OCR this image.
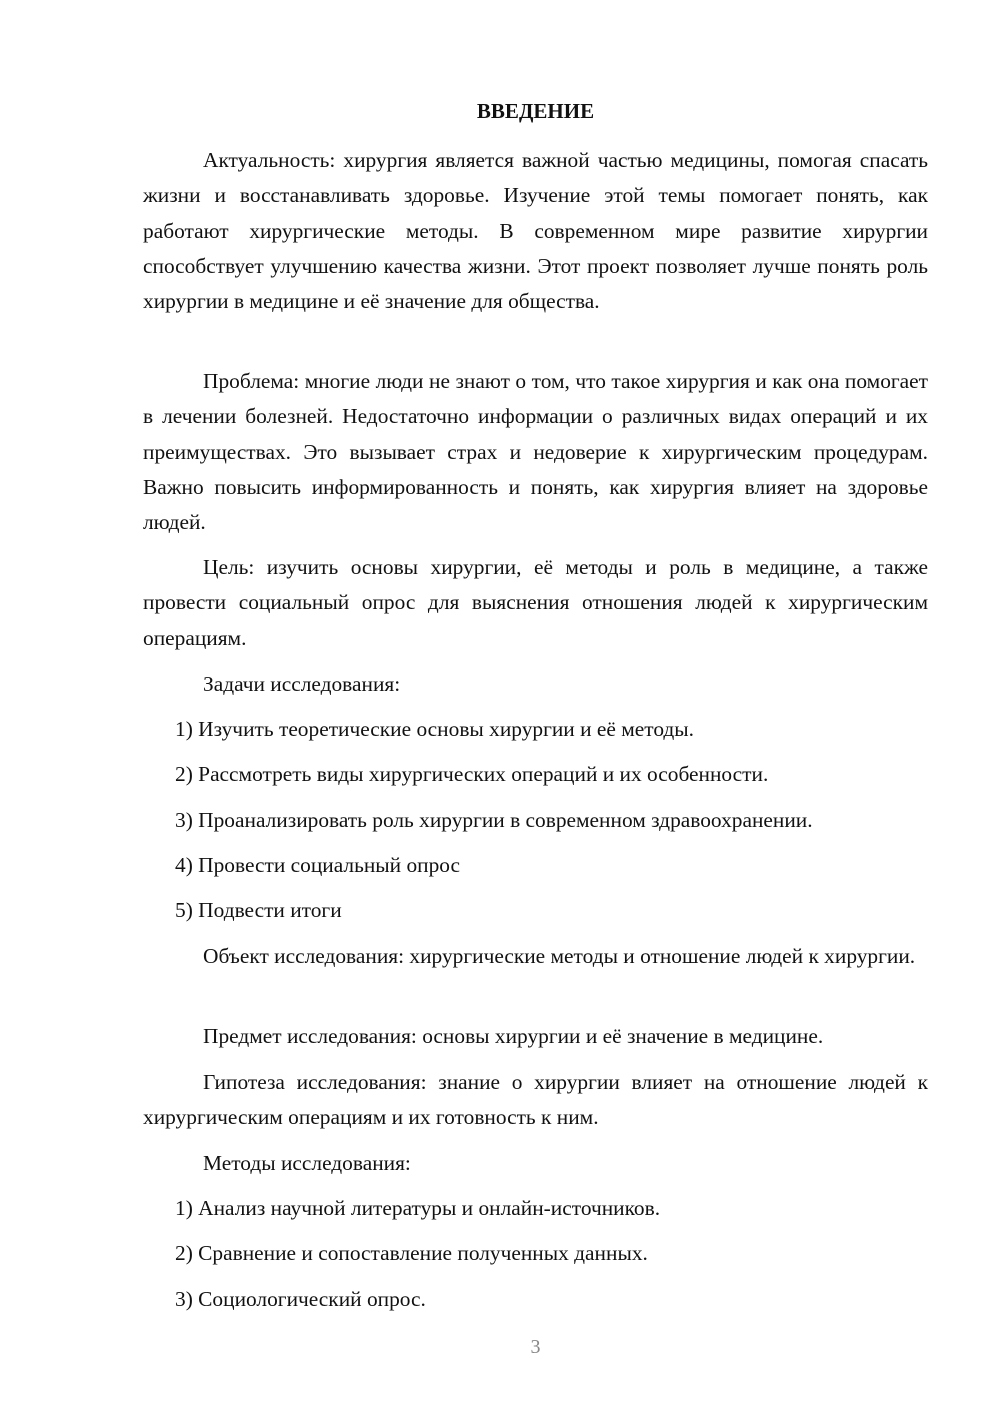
ВВЕДЕНИЕ

Актуальность: хирургия является важной частью медицины, помогая спасать жизни и восстанавливать здоровье. Изучение этой темы помогает понять, как работают хирургические методы. В современном мире развитие хирургии способствует улучшению качества жизни. Этот проект позволяет лучше понять роль хирургии в медицине и её значение для общества.

Проблема: многие люди не знают о том, что такое хирургия и как она помогает в лечении болезней. Недостаточно информации о различных видах операций и их преимуществах. Это вызывает страх и недоверие к хирургическим процедурам. Важно повысить информированность и понять, как хирургия влияет на здоровье людей.

Цель: изучить основы хирургии, её методы и роль в медицине, а также провести социальный опрос для выяснения отношения людей к хирургическим операциям.

Задачи исследования:

1) Изучить теоретические основы хирургии и её методы.

2) Рассмотреть виды хирургических операций и их особенности.

3) Проанализировать роль хирургии в современном здравоохранении.

4) Провести социальный опрос

5) Подвести итоги

Объект исследования: хирургические методы и отношение людей к хирургии.

Предмет исследования: основы хирургии и её значение в медицине.

Гипотеза исследования: знание о хирургии влияет на отношение людей к хирургическим операциям и их готовность к ним.

Методы исследования:

1) Анализ научной литературы и онлайн-источников.

2) Сравнение и сопоставление полученных данных.

3) Социологический опрос.

3
